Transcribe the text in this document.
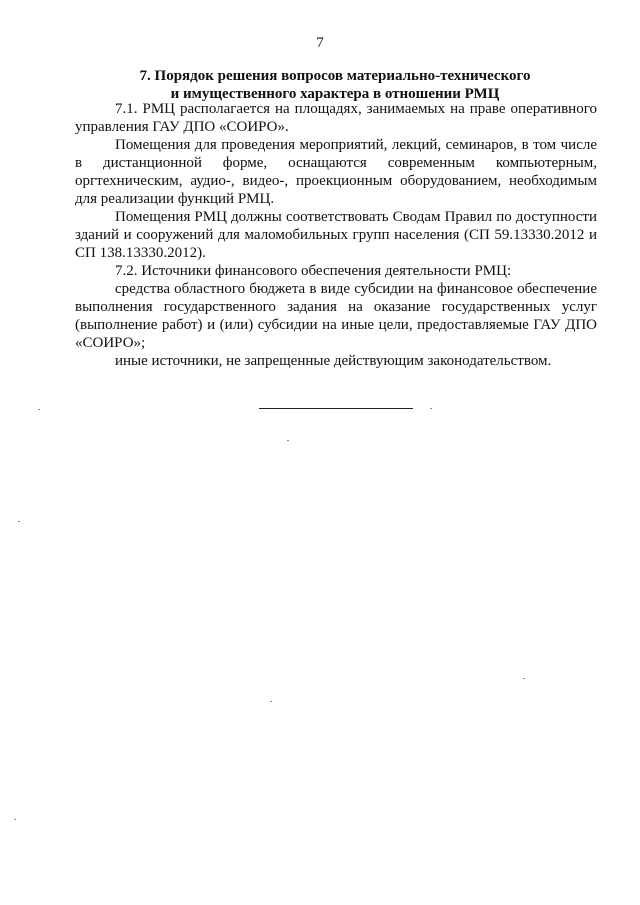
7
7. Порядок решения вопросов материально-технического
и имущественного характера в отношении РМЦ

7.1. РМЦ располагается на площадях, занимаемых на праве оперативного управления ГАУ ДПО «СОИРО».

Помещения для проведения мероприятий, лекций, семинаров, в том числе в дистанционной форме, оснащаются современным компьютерным, оргтехническим, аудио-, видео-, проекционным оборудованием, необходимым для реализации функций РМЦ.

Помещения РМЦ должны соответствовать Сводам Правил по доступности зданий и сооружений для маломобильных групп населения (СП 59.13330.2012 и СП 138.13330.2012).

7.2. Источники финансового обеспечения деятельности РМЦ:

средства областного бюджета в виде субсидии на финансовое обеспечение выполнения государственного задания на оказание государственных услуг (выполнение работ) и (или) субсидии на иные цели, предоставляемые ГАУ ДПО «СОИРО»;

иные источники, не запрещенные действующим законодательством.
